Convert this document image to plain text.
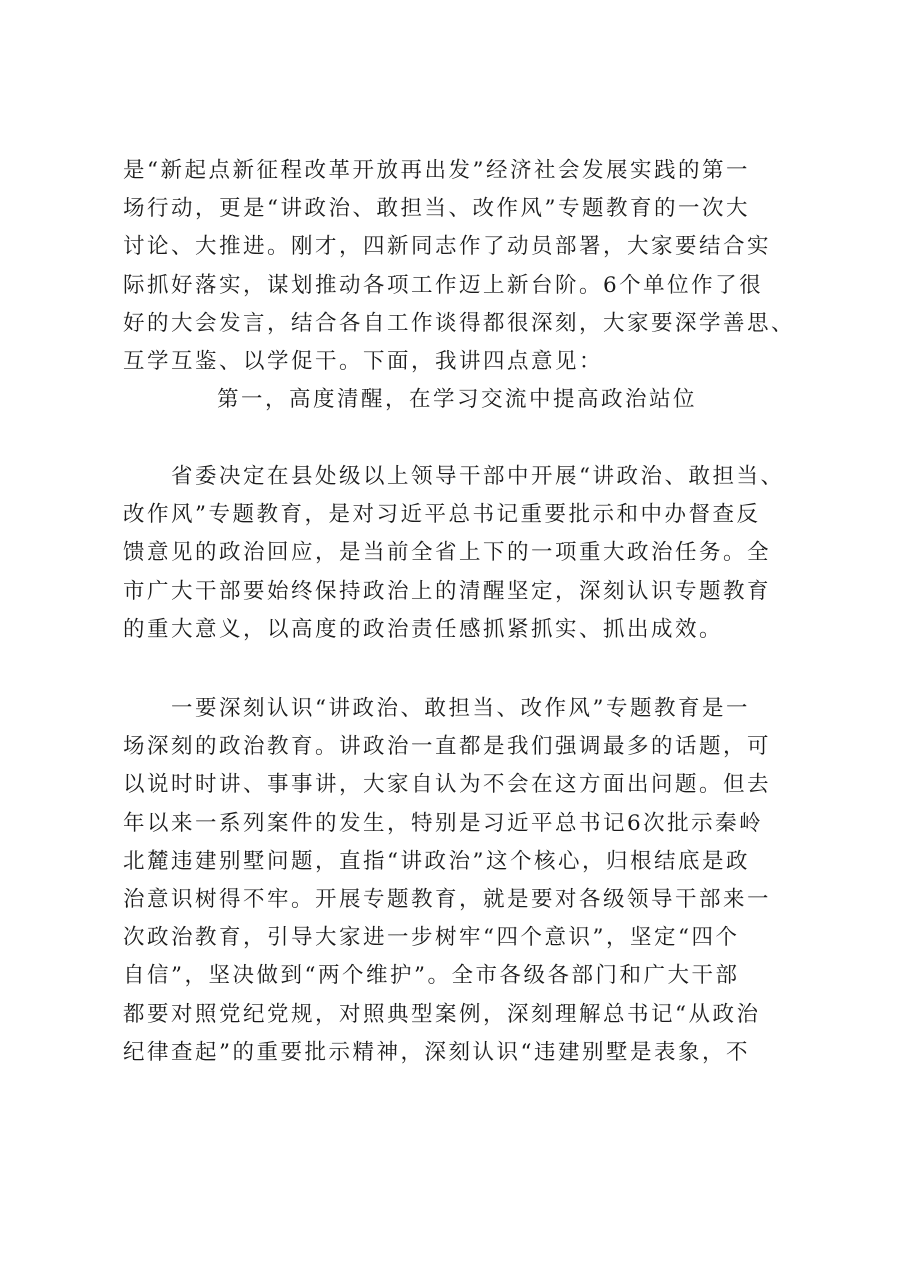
是“新起点新征程改革开放再出发”经济社会发展实践的第一
场行动，更是“讲政治、敢担当、改作风”专题教育的一次大
讨论、大推进。刚才，四新同志作了动员部署，大家要结合实
际抓好落实，谋划推动各项工作迈上新台阶。6个单位作了很
好的大会发言，结合各自工作谈得都很深刻，大家要深学善思、
互学互鉴、以学促干。下面，我讲四点意见：
第一，高度清醒，在学习交流中提高政治站位
省委决定在县处级以上领导干部中开展“讲政治、敢担当、
改作风”专题教育，是对习近平总书记重要批示和中办督查反
馈意见的政治回应，是当前全省上下的一项重大政治任务。全
市广大干部要始终保持政治上的清醒坚定，深刻认识专题教育
的重大意义，以高度的政治责任感抓紧抓实、抓出成效。
一要深刻认识“讲政治、敢担当、改作风”专题教育是一
场深刻的政治教育。讲政治一直都是我们强调最多的话题，可
以说时时讲、事事讲，大家自认为不会在这方面出问题。但去
年以来一系列案件的发生，特别是习近平总书记6次批示秦岭
北麓违建别墅问题，直指“讲政治”这个核心，归根结底是政
治意识树得不牢。开展专题教育，就是要对各级领导干部来一
次政治教育，引导大家进一步树牢“四个意识”，坚定“四个
自信”，坚决做到“两个维护”。全市各级各部门和广大干部
都要对照党纪党规，对照典型案例，深刻理解总书记“从政治
纪律查起”的重要批示精神，深刻认识“违建别墅是表象，不
